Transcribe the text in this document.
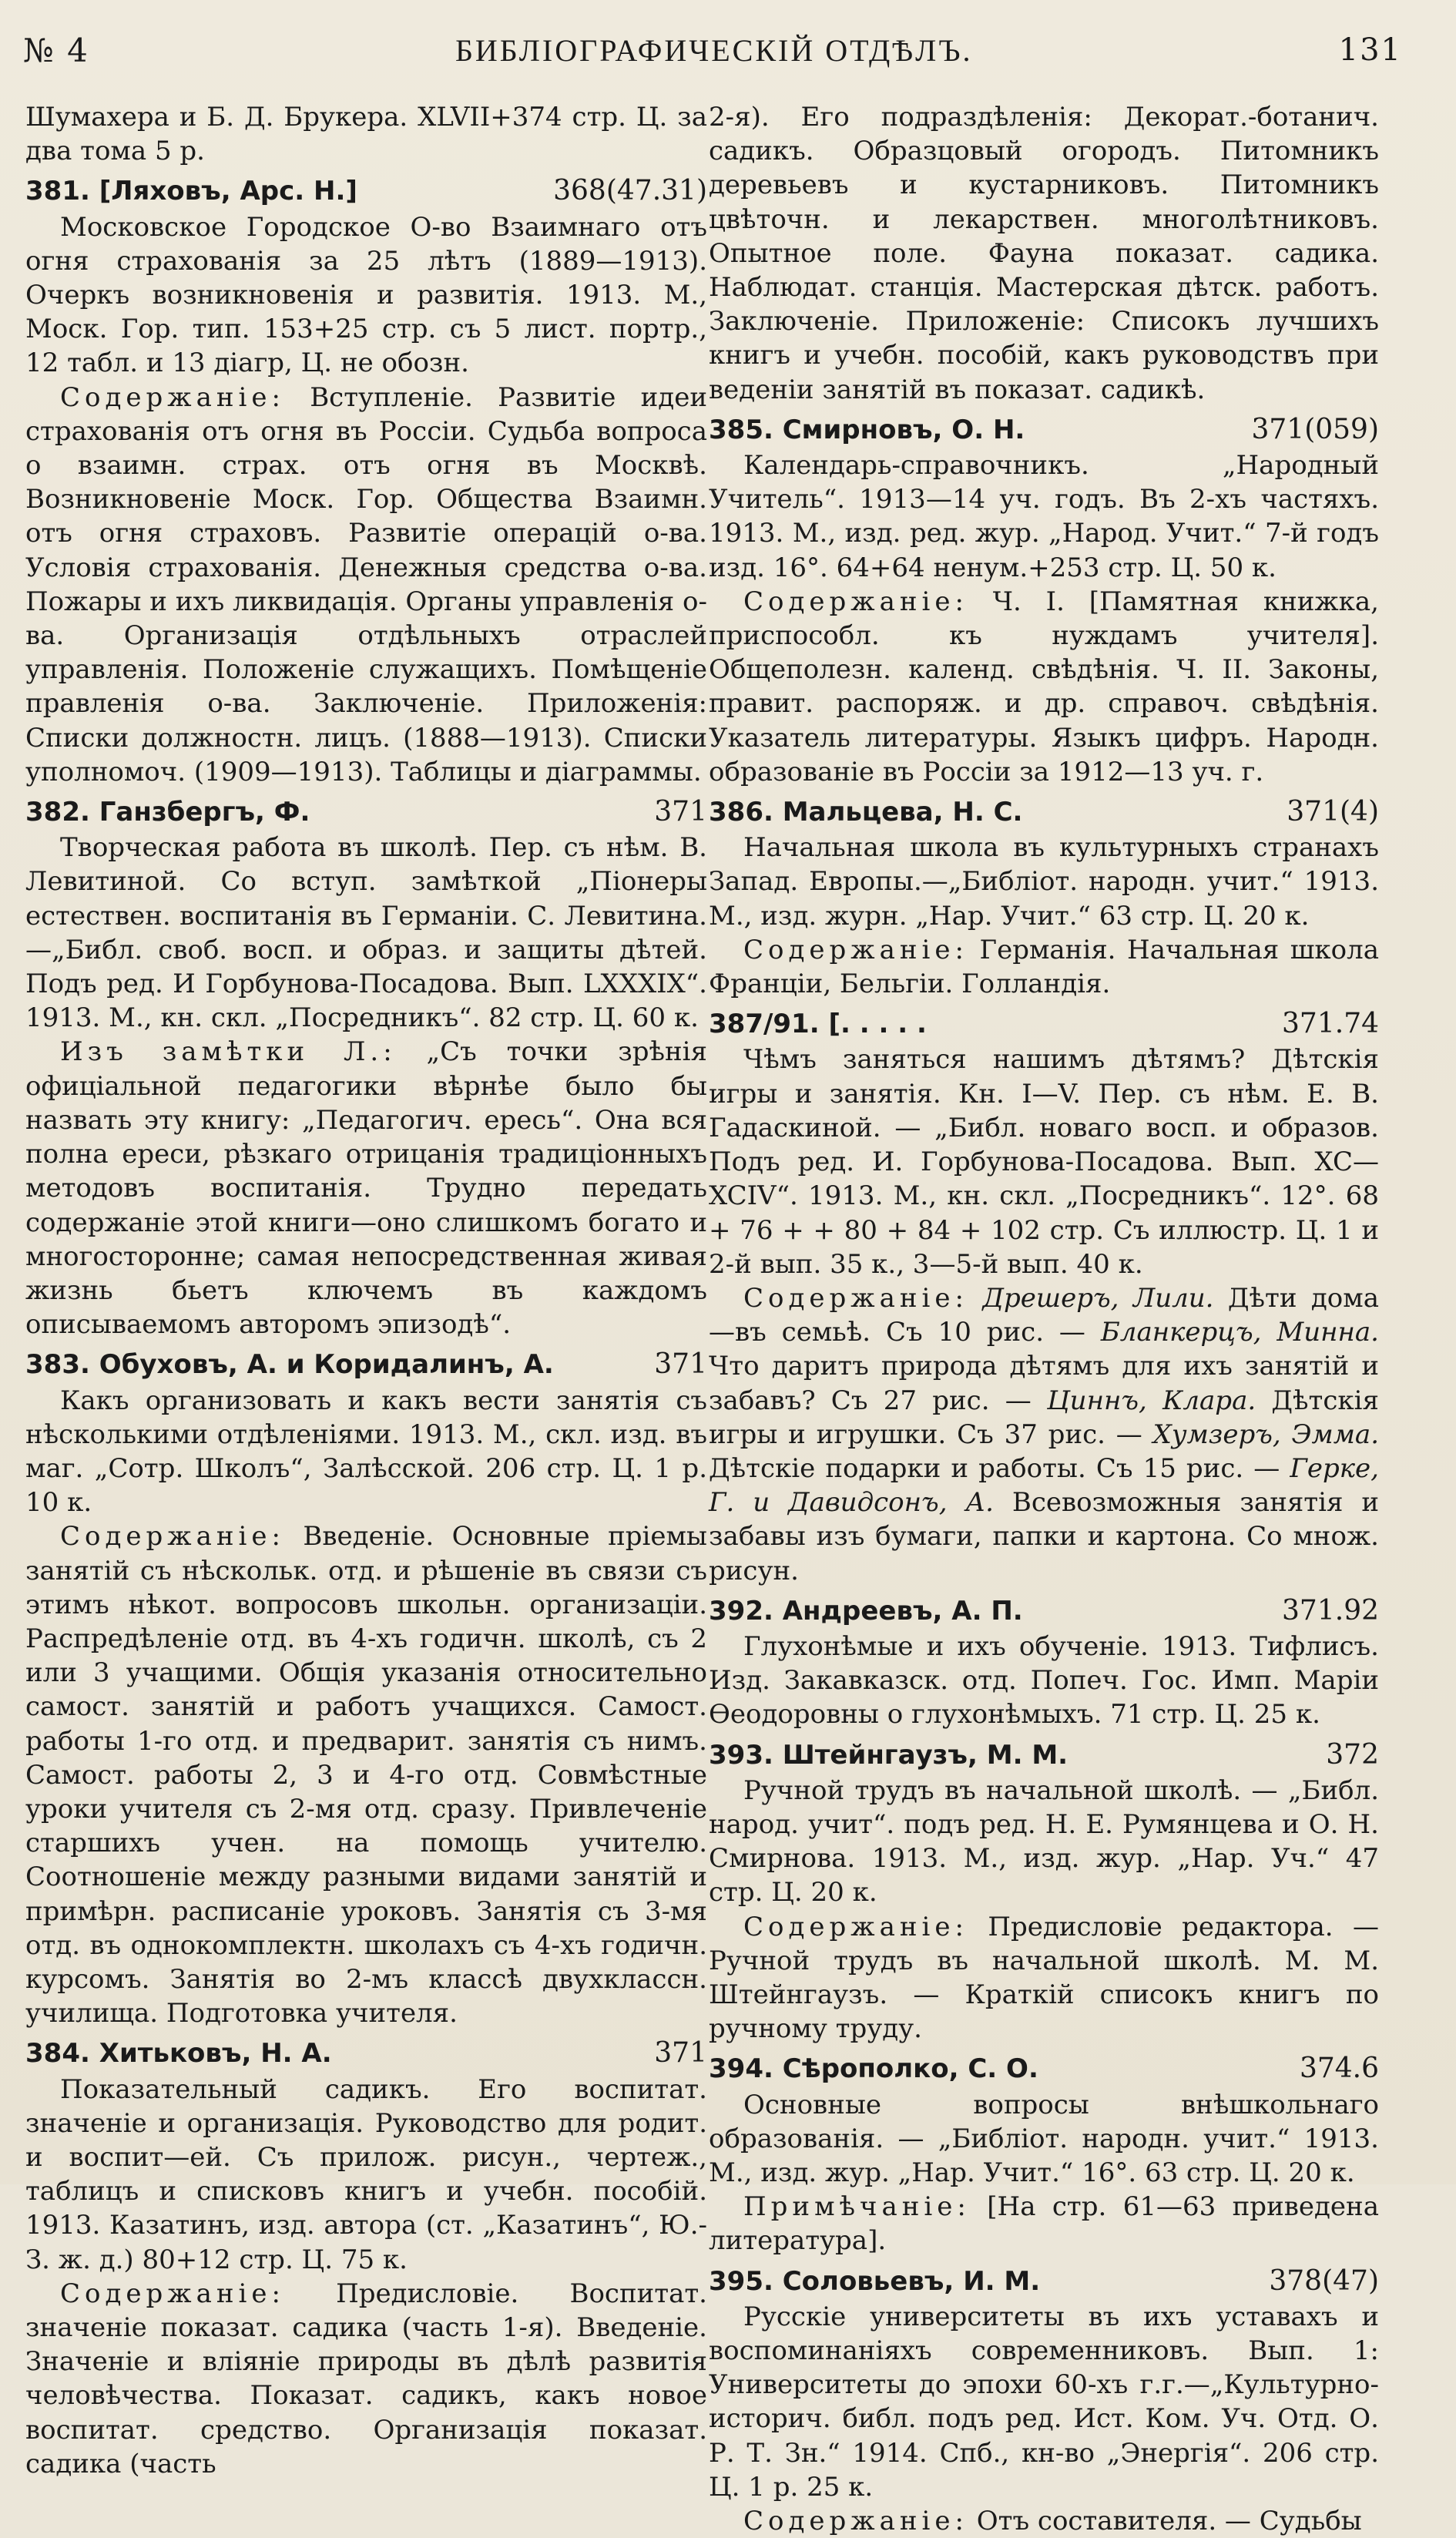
№ 4	БИБЛІОГРАФИЧЕСКІЙ ОТДѢЛЪ.	131

Шумахера и Б. Д. Брукера. XLVII+374 стр. Ц. за два тома 5 р.

381. [Ляховъ, Арс. Н.]	368(47.31)

Московское Городское О-во Взаимнаго отъ огня страхованія за 25 лѣтъ (1889—1913). Очеркъ возникновенія и развитія. 1913. М., Моск. Гор. тип. 153+25 стр. съ 5 лист. портр., 12 табл. и 13 діагр, Ц. не обозн.

Содержаніе: Вступленіе. Развитіе идеи страхованія отъ огня въ Россіи. Судьба вопроса о взаимн. страх. отъ огня въ Москвѣ. Возникновеніе Моск. Гор. Общества Взаимн. отъ огня страховъ. Развитіе операцій о-ва. Условія страхованія. Денежныя средства о-ва. Пожары и ихъ ликвидація. Органы управленія о-ва. Организація отдѣльныхъ отраслей управленія. Положеніе служащихъ. Помѣщеніе правленія о-ва. Заключеніе. Приложенія: Списки должностн. лицъ. (1888—1913). Списки уполномоч. (1909—1913). Таблицы и діаграммы.

382. Ганзбергъ, Ф.	371

Творческая работа въ школѣ. Пер. съ нѣм. В. Левитиной. Со вступ. замѣткой „Піонеры естествен. воспитанія въ Германіи. С. Левитина.—„Библ. своб. восп. и образ. и защиты дѣтей. Подъ ред. И Горбунова-Посадова. Вып. LXXXIX“. 1913. М., кн. скл. „Посредникъ“. 82 стр. Ц. 60 к.

Изъ замѣтки Л.: „Съ точки зрѣнія офиціальной педагогики вѣрнѣе было бы назвать эту книгу: „Педагогич. ересь“. Она вся полна ереси, рѣзкаго отрицанія традиціонныхъ методовъ воспитанія. Трудно передать содержаніе этой книги—оно слишкомъ богато и многосторонне; самая непосредственная живая жизнь бьетъ ключемъ въ каждомъ описываемомъ авторомъ эпизодѣ“.

383. Обуховъ, А. и Коридалинъ, А.	371

Какъ организовать и какъ вести занятія съ нѣсколькими отдѣленіями. 1913. М., скл. изд. въ маг. „Сотр. Школъ“, Залѣсской. 206 стр. Ц. 1 р. 10 к.

Содержаніе: Введеніе. Основные пріемы занятій съ нѣскольк. отд. и рѣшеніе въ связи съ этимъ нѣкот. вопросовъ школьн. организаціи. Распредѣленіе отд. въ 4-хъ годичн. школѣ, съ 2 или 3 учащими. Общія указанія относительно самост. занятій и работъ учащихся. Самост. работы 1-го отд. и предварит. занятія съ нимъ. Самост. работы 2, 3 и 4-го отд. Совмѣстные уроки учителя съ 2-мя отд. сразу. Привлеченіе старшихъ учен. на помощь учителю. Соотношеніе между разными видами занятій и примѣрн. расписаніе уроковъ. Занятія съ 3-мя отд. въ однокомплектн. школахъ съ 4-хъ годичн. курсомъ. Занятія во 2-мъ классѣ двухклассн. училища. Подготовка учителя.

384. Хитьковъ, Н. А.	371

Показательный садикъ. Его воспитат. значеніе и организація. Руководство для родит. и воспит—ей. Съ прилож. рисун., чертеж., таблицъ и списковъ книгъ и учебн. пособій. 1913. Казатинъ, изд. автора (ст. „Казатинъ“, Ю.-З. ж. д.) 80+12 стр. Ц. 75 к.

Содержаніе: Предисловіе. Воспитат. значеніе показат. садика (часть 1-я). Введеніе. Значеніе и вліяніе природы въ дѣлѣ развитія человѣчества. Показат. садикъ, какъ новое воспитат. средство. Организація показат. садика (часть

2-я). Его подраздѣленія: Декорат.-ботанич. садикъ. Образцовый огородъ. Питомникъ деревьевъ и кустарниковъ. Питомникъ цвѣточн. и лекарствен. многолѣтниковъ. Опытное поле. Фауна показат. садика. Наблюдат. станція. Мастерская дѣтск. работъ. Заключеніе. Приложеніе: Списокъ лучшихъ книгъ и учебн. пособій, какъ руководствъ при веденіи занятій въ показат. садикѣ.

385. Смирновъ, О. Н.	371(059)

Календарь-справочникъ. „Народный Учитель“. 1913—14 уч. годъ. Въ 2-хъ частяхъ. 1913. М., изд. ред. жур. „Народ. Учит.“ 7-й годъ изд. 16°. 64+64 ненум.+253 стр. Ц. 50 к.

Содержаніе: Ч. I. [Памятная книжка, приспособл. къ нуждамъ учителя]. Общеполезн. календ. свѣдѣнія. Ч. II. Законы, правит. распоряж. и др. справоч. свѣдѣнія. Указатель литературы. Языкъ цифръ. Народн. образованіе въ Россіи за 1912—13 уч. г.

386. Мальцева, Н. С.	371(4)

Начальная школа въ культурныхъ странахъ Запад. Европы.—„Библіот. народн. учит.“ 1913. М., изд. журн. „Нар. Учит.“ 63 стр. Ц. 20 к.

Содержаніе: Германія. Начальная школа Франціи, Бельгіи. Голландія.

387/91. [. . . . .	371.74

Чѣмъ заняться нашимъ дѣтямъ? Дѣтскія игры и занятія. Кн. I—V. Пер. съ нѣм. Е. В. Гадаскиной. — „Библ. новаго восп. и образов. Подъ ред. И. Горбунова-Посадова. Вып. XC—XCIV“. 1913. М., кн. скл. „Посредникъ“. 12°. 68 + 76 + + 80 + 84 + 102 стр. Съ иллюстр. Ц. 1 и 2-й вып. 35 к., 3—5-й вып. 40 к.

Содержаніе: Дрешеръ, Лили. Дѣти дома—въ семьѣ. Съ 10 рис. — Бланкерцъ, Минна. Что даритъ природа дѣтямъ для ихъ занятій и забавъ? Съ 27 рис. — Циннъ, Клара. Дѣтскія игры и игрушки. Съ 37 рис. — Хумзеръ, Эмма. Дѣтскіе подарки и работы. Съ 15 рис. — Герке, Г. и Давидсонъ, А. Всевозможныя занятія и забавы изъ бумаги, папки и картона. Со множ. рисун.

392. Андреевъ, А. П.	371.92

Глухонѣмые и ихъ обученіе. 1913. Тифлисъ. Изд. Закавказск. отд. Попеч. Гос. Имп. Маріи Ѳеодоровны о глухонѣмыхъ. 71 стр. Ц. 25 к.

393. Штейнгаузъ, М. М.	372

Ручной трудъ въ начальной школѣ. — „Библ. народ. учит“. подъ ред. Н. Е. Румянцева и О. Н. Смирнова. 1913. М., изд. жур. „Нар. Уч.“ 47 стр. Ц. 20 к.

Содержаніе: Предисловіе редактора. — Ручной трудъ въ начальной школѣ. М. М. Штейнгаузъ. — Краткій списокъ книгъ по ручному труду.

394. Сѣрополко, С. О.	374.6

Основные вопросы внѣшкольнаго образованія. — „Библіот. народн. учит.“ 1913. М., изд. жур. „Нар. Учит.“ 16°. 63 стр. Ц. 20 к.

Примѣчаніе: [На стр. 61—63 приведена литература].

395. Соловьевъ, И. М.	378(47)

Русскіе университеты въ ихъ уставахъ и воспоминаніяхъ современниковъ. Вып. 1: Университеты до эпохи 60-хъ г.г.—„Культурно-историч. библ. подъ ред. Ист. Ком. Уч. Отд. О. Р. Т. Зн.“ 1914. Спб., кн-во „Энергія“. 206 стр. Ц. 1 р. 25 к.

Содержаніе: Отъ составителя. — Судьбы
